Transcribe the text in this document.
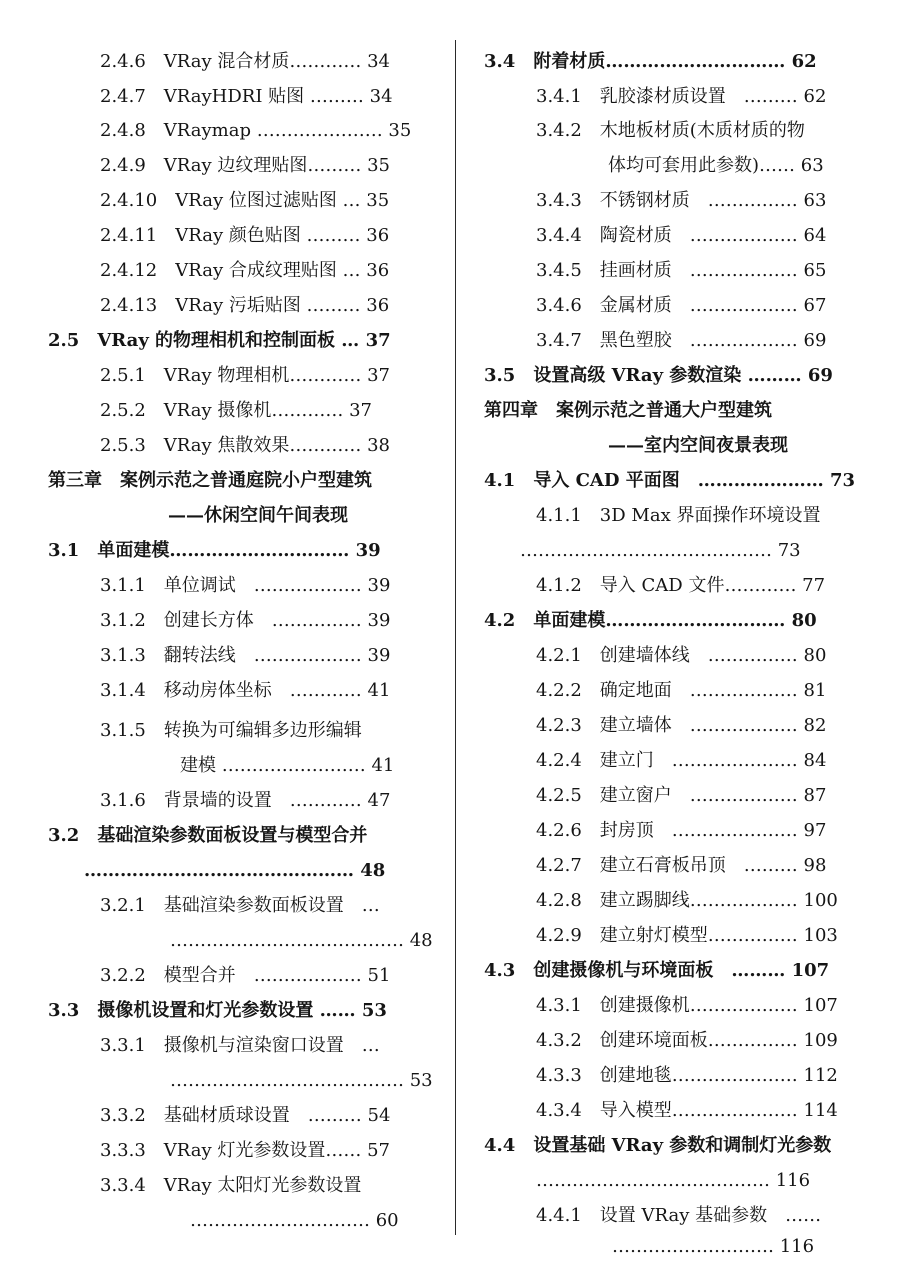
2.4.6　VRay 混合材质………… 34
2.4.7　VRayHDRI 贴图 ……… 34
2.4.8　VRaymap ………………… 35
2.4.9　VRay 边纹理贴图……… 35
2.4.10　VRay 位图过滤贴图 … 35
2.4.11　VRay 颜色贴图 ……… 36
2.4.12　VRay 合成纹理贴图 … 36
2.4.13　VRay 污垢贴图 ……… 36
2.5　VRay 的物理相机和控制面板 … 37
2.5.1　VRay 物理相机………… 37
2.5.2　VRay 摄像机………… 37
2.5.3　VRay 焦散效果………… 38
第三章　案例示范之普通庭院小户型建筑
——休闲空间午间表现
3.1　单面建模………………………… 39
3.1.1　单位调试　……………… 39
3.1.2　创建长方体　…………… 39
3.1.3　翻转法线　……………… 39
3.1.4　移动房体坐标　………… 41
3.1.5　转换为可编辑多边形编辑
建模 …………………… 41
3.1.6　背景墙的设置　………… 47
3.2　基础渲染参数面板设置与模型合并
……………………………………… 48
3.2.1　基础渲染参数面板设置　…
………………………………… 48
3.2.2　模型合并　……………… 51
3.3　摄像机设置和灯光参数设置 …… 53
3.3.1　摄像机与渲染窗口设置　…
………………………………… 53
3.3.2　基础材质球设置　……… 54
3.3.3　VRay 灯光参数设置…… 57
3.3.4　VRay 太阳灯光参数设置
………………………… 60
3.4　附着材质………………………… 62
3.4.1　乳胶漆材质设置　……… 62
3.4.2　木地板材质(木质材质的物
体均可套用此参数)…… 63
3.4.3　不锈钢材质　…………… 63
3.4.4　陶瓷材质　……………… 64
3.4.5　挂画材质　……………… 65
3.4.6　金属材质　……………… 67
3.4.7　黑色塑胶　……………… 69
3.5　设置高级 VRay 参数渲染 ……… 69
第四章　案例示范之普通大户型建筑
——室内空间夜景表现
4.1　导入 CAD 平面图　………………… 73
4.1.1　3D Max 界面操作环境设置
…………………………………… 73
4.1.2　导入 CAD 文件………… 77
4.2　单面建模………………………… 80
4.2.1　创建墙体线　…………… 80
4.2.2　确定地面　……………… 81
4.2.3　建立墙体　……………… 82
4.2.4　建立门　………………… 84
4.2.5　建立窗户　……………… 87
4.2.6　封房顶　………………… 97
4.2.7　建立石膏板吊顶　……… 98
4.2.8　建立踢脚线……………… 100
4.2.9　建立射灯模型…………… 103
4.3　创建摄像机与环境面板　……… 107
4.3.1　创建摄像机……………… 107
4.3.2　创建环境面板…………… 109
4.3.3　创建地毯………………… 112
4.3.4　导入模型………………… 114
4.4　设置基础 VRay 参数和调制灯光参数
………………………………… 116
4.4.1　设置 VRay 基础参数　……
……………………… 116
